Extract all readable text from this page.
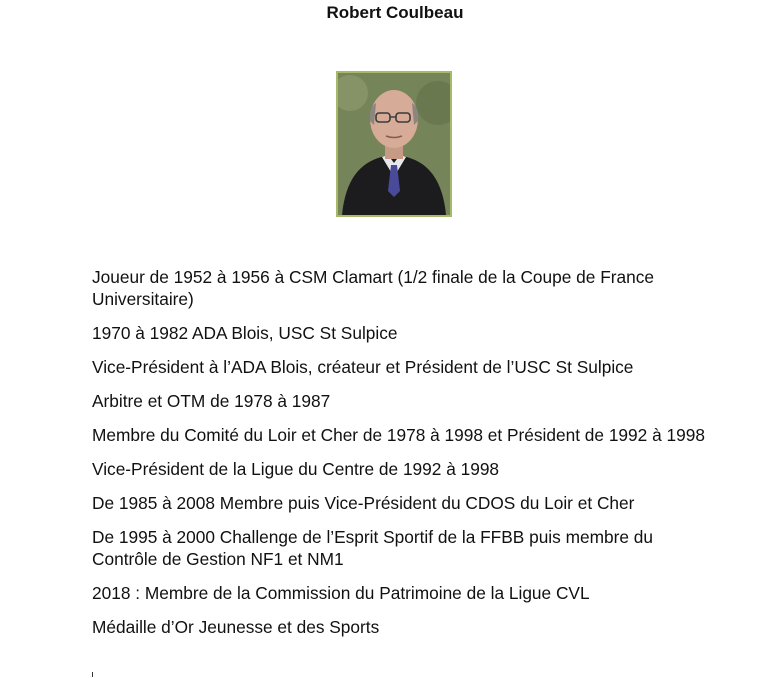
Robert Coulbeau
Joueur de 1952 à 1956 à CSM Clamart (1/2 finale de la Coupe de France Universitaire)
1970 à 1982 ADA Blois, USC St Sulpice
Vice-Président à l’ADA Blois, créateur et Président de l’USC St Sulpice
Arbitre et OTM de 1978 à 1987
Membre du Comité du Loir et Cher de 1978 à 1998 et Président de 1992 à 1998
Vice-Président de la Ligue du Centre de 1992 à 1998
De 1985 à 2008 Membre puis Vice-Président du CDOS du Loir et Cher
De 1995 à 2000 Challenge de l’Esprit Sportif de la FFBB puis membre du Contrôle de Gestion NF1 et NM1
2018 : Membre de la Commission du Patrimoine de la Ligue CVL
Médaille d’Or Jeunesse et des Sports
